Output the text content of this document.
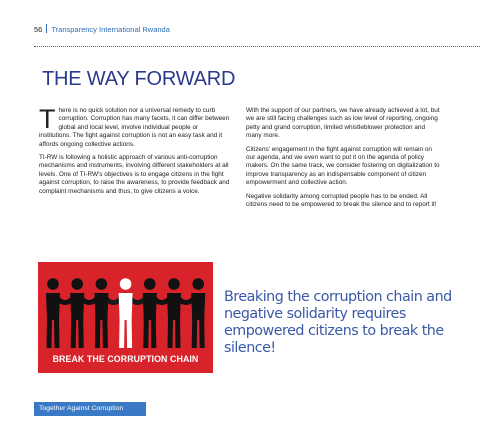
56 Transparency International Rwanda
THE WAY FORWARD

There is no quick solution nor a universal remedy to curb corruption. Corruption has many facets, it can differ between global and local level, involve individual people or institutions. The fight against corruption is not an easy task and it affords ongoing collective actions.

TI-RW is following a holistic approach of various anti-corruption mechanisms and instruments, involving different stakeholders at all levels. One of TI-RW's objectives is to engage citizens in the fight against corruption, to raise the awareness, to provide feedback and complaint mechanisms and thus, to give citizens a voice.

With the support of our partners, we have already achieved a lot, but we are still facing challenges such as low level of reporting, ongoing petty and grand corruption, limited whistleblower protection and many more.

Citizens' engagement in the fight against corruption will remain on our agenda, and we even want to put it on the agenda of policy makers. On the same track, we consider fostering on digitalization to improve transparency as an indispensable component of citizen empowerment and collective action.

Negative solidarity among corrupted people has to be ended. All citizens need to be empowered to break the silence and to report it!

BREAK THE CORRUPTION CHAIN

Breaking the corruption chain and negative solidarity requires empowered citizens to break the silence!

Together Against Corruption
